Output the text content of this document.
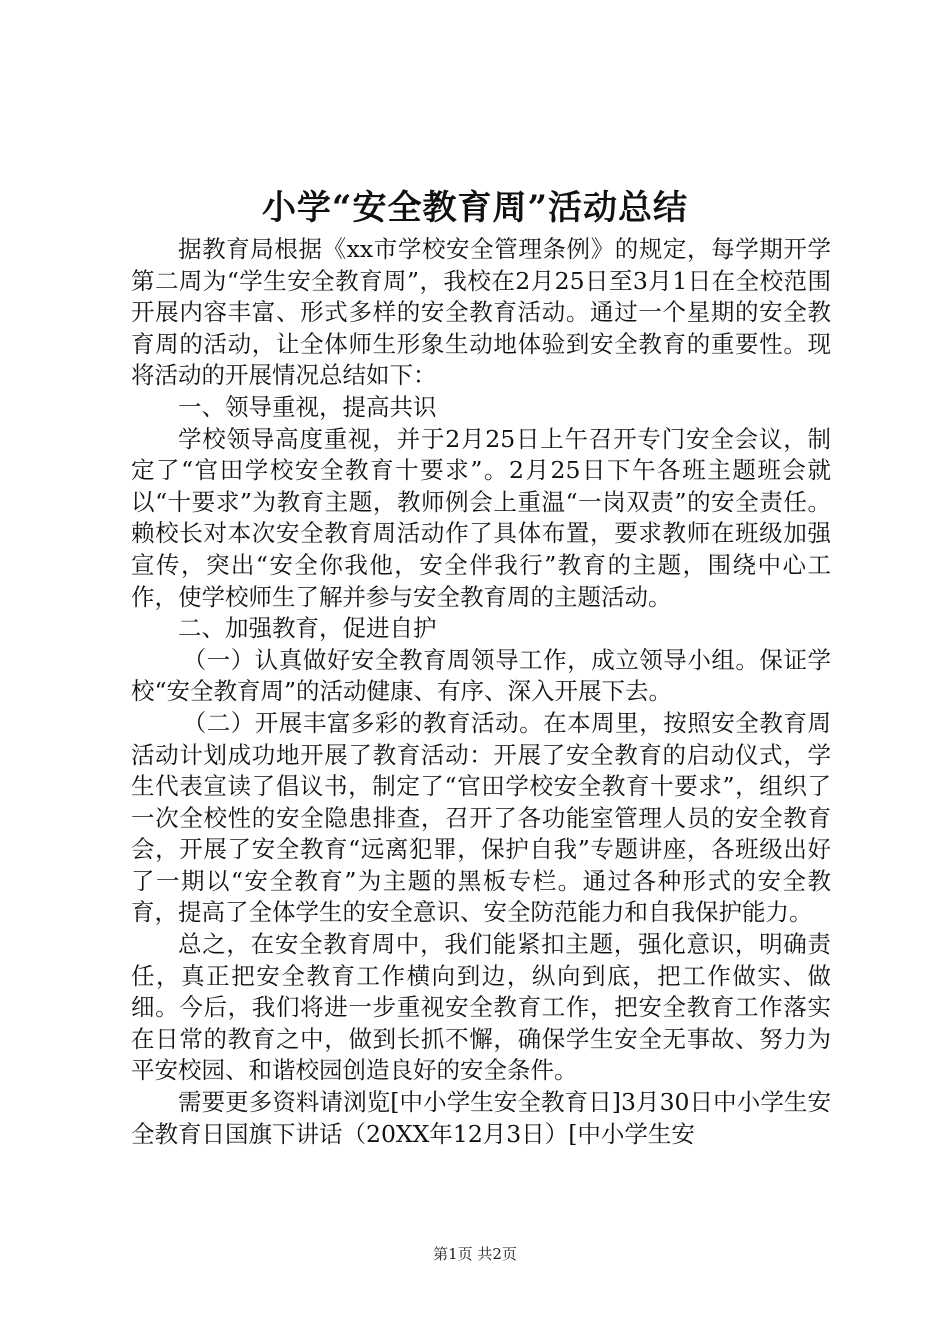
小学“安全教育周”活动总结

据教育局根据《xx市学校安全管理条例》的规定，每学期开学第二周为“学生安全教育周”，我校在2月25日至3月1日在全校范围开展内容丰富、形式多样的安全教育活动。通过一个星期的安全教育周的活动，让全体师生形象生动地体验到安全教育的重要性。现将活动的开展情况总结如下：

一、领导重视，提高共识

学校领导高度重视，并于2月25日上午召开专门安全会议，制定了“官田学校安全教育十要求”。2月25日下午各班主题班会就以“十要求”为教育主题，教师例会上重温“一岗双责”的安全责任。赖校长对本次安全教育周活动作了具体布置，要求教师在班级加强宣传，突出“安全你我他，安全伴我行”教育的主题，围绕中心工作，使学校师生了解并参与安全教育周的主题活动。

二、加强教育，促进自护

（一）认真做好安全教育周领导工作，成立领导小组。保证学校“安全教育周”的活动健康、有序、深入开展下去。

（二）开展丰富多彩的教育活动。在本周里，按照安全教育周活动计划成功地开展了教育活动：开展了安全教育的启动仪式，学生代表宣读了倡议书，制定了“官田学校安全教育十要求”，组织了一次全校性的安全隐患排查，召开了各功能室管理人员的安全教育会，开展了安全教育“远离犯罪，保护自我”专题讲座，各班级出好了一期以“安全教育”为主题的黑板专栏。通过各种形式的安全教育，提高了全体学生的安全意识、安全防范能力和自我保护能力。

总之，在安全教育周中，我们能紧扣主题，强化意识，明确责任，真正把安全教育工作横向到边，纵向到底，把工作做实、做细。今后，我们将进一步重视安全教育工作，把安全教育工作落实在日常的教育之中，做到长抓不懈，确保学生安全无事故、努力为平安校园、和谐校园创造良好的安全条件。

需要更多资料请浏览[中小学生安全教育日]3月30日中小学生安全教育日国旗下讲话（20XX年12月3日）[中小学生安

第1页 共2页
